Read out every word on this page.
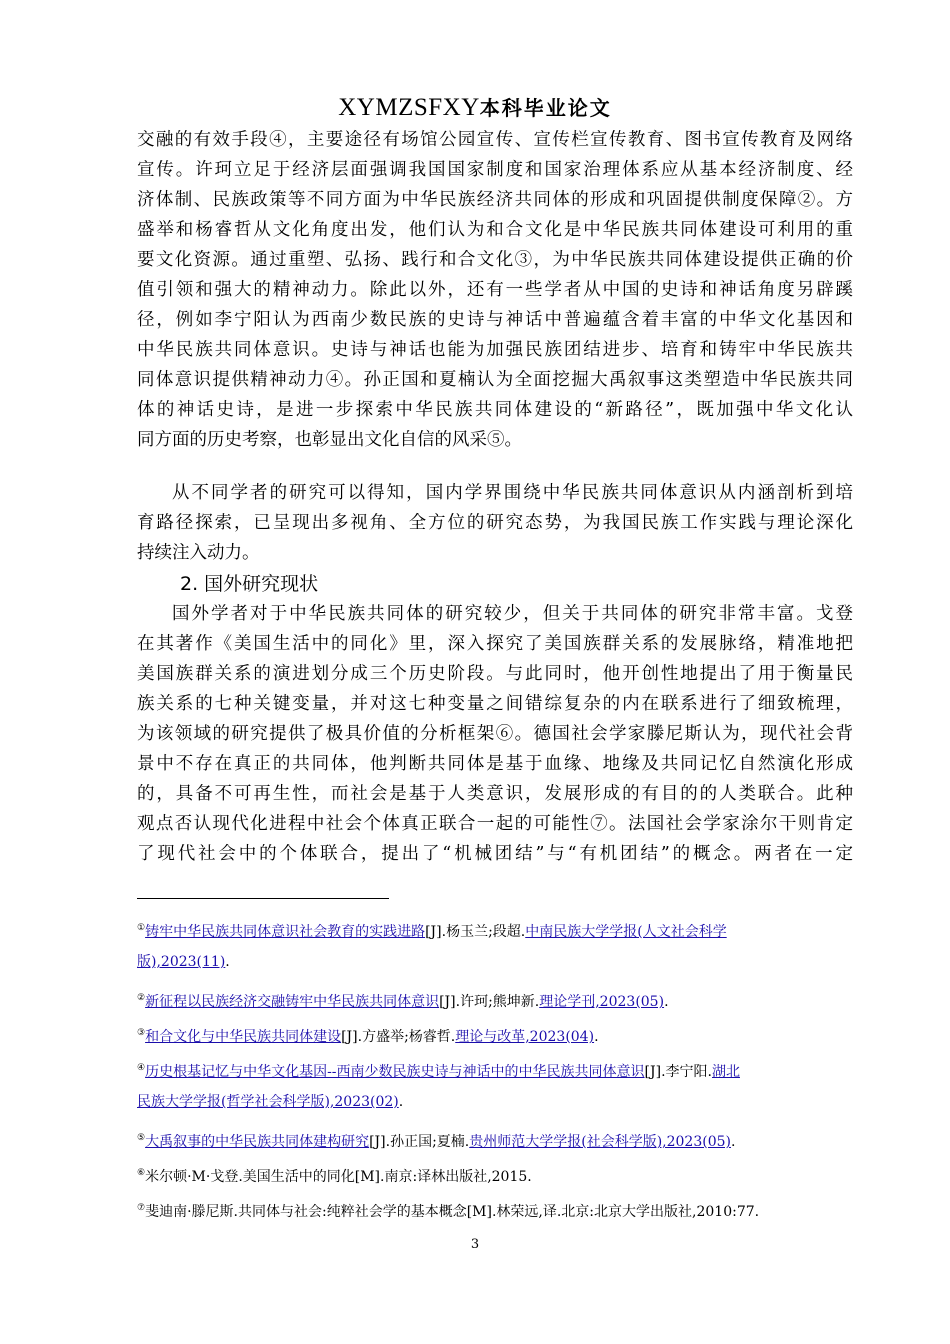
XYMZSFXY本科毕业论文
交融的有效手段④，主要途径有场馆公园宣传、宣传栏宣传教育、图书宣传教育及网络
宣传。许珂立足于经济层面强调我国国家制度和国家治理体系应从基本经济制度、经
济体制、民族政策等不同方面为中华民族经济共同体的形成和巩固提供制度保障②。方
盛举和杨睿哲从文化角度出发，他们认为和合文化是中华民族共同体建设可利用的重
要文化资源。通过重塑、弘扬、践行和合文化③，为中华民族共同体建设提供正确的价
值引领和强大的精神动力。除此以外，还有一些学者从中国的史诗和神话角度另辟蹊
径，例如李宁阳认为西南少数民族的史诗与神话中普遍蕴含着丰富的中华文化基因和
中华民族共同体意识。史诗与神话也能为加强民族团结进步、培育和铸牢中华民族共
同体意识提供精神动力④。孙正国和夏楠认为全面挖掘大禹叙事这类塑造中华民族共同
体的神话史诗，是进一步探索中华民族共同体建设的“新路径”，既加强中华文化认
同方面的历史考察，也彰显出文化自信的风采⑤。
从不同学者的研究可以得知，国内学界围绕中华民族共同体意识从内涵剖析到培
育路径探索，已呈现出多视角、全方位的研究态势，为我国民族工作实践与理论深化
持续注入动力。
2. 国外研究现状
国外学者对于中华民族共同体的研究较少，但关于共同体的研究非常丰富。戈登
在其著作《美国生活中的同化》里，深入探究了美国族群关系的发展脉络，精准地把
美国族群关系的演进划分成三个历史阶段。与此同时，他开创性地提出了用于衡量民
族关系的七种关键变量，并对这七种变量之间错综复杂的内在联系进行了细致梳理，
为该领域的研究提供了极具价值的分析框架⑥。德国社会学家滕尼斯认为，现代社会背
景中不存在真正的共同体，他判断共同体是基于血缘、地缘及共同记忆自然演化形成
的，具备不可再生性，而社会是基于人类意识，发展形成的有目的的人类联合。此种
观点否认现代化进程中社会个体真正联合一起的可能性⑦。法国社会学家涂尔干则肯定
了现代社会中的个体联合，提出了“机械团结”与“有机团结”的概念。两者在一定
①铸牢中华民族共同体意识社会教育的实践进路[J].杨玉兰;段超.中南民族大学学报(人文社会科学
版),2023(11).
②新征程以民族经济交融铸牢中华民族共同体意识[J].许珂;熊坤新.理论学刊,2023(05).
③和合文化与中华民族共同体建设[J].方盛举;杨睿哲.理论与改革,2023(04).
④历史根基记忆与中华文化基因--西南少数民族史诗与神话中的中华民族共同体意识[J].李宁阳.湖北
民族大学学报(哲学社会科学版),2023(02).
⑤大禹叙事的中华民族共同体建构研究[J].孙正国;夏楠.贵州师范大学学报(社会科学版),2023(05).
⑥米尔顿·M·戈登.美国生活中的同化[M].南京:译林出版社,2015.
⑦斐迪南·滕尼斯.共同体与社会:纯粹社会学的基本概念[M].林荣远,译.北京:北京大学出版社,2010:77.
3
